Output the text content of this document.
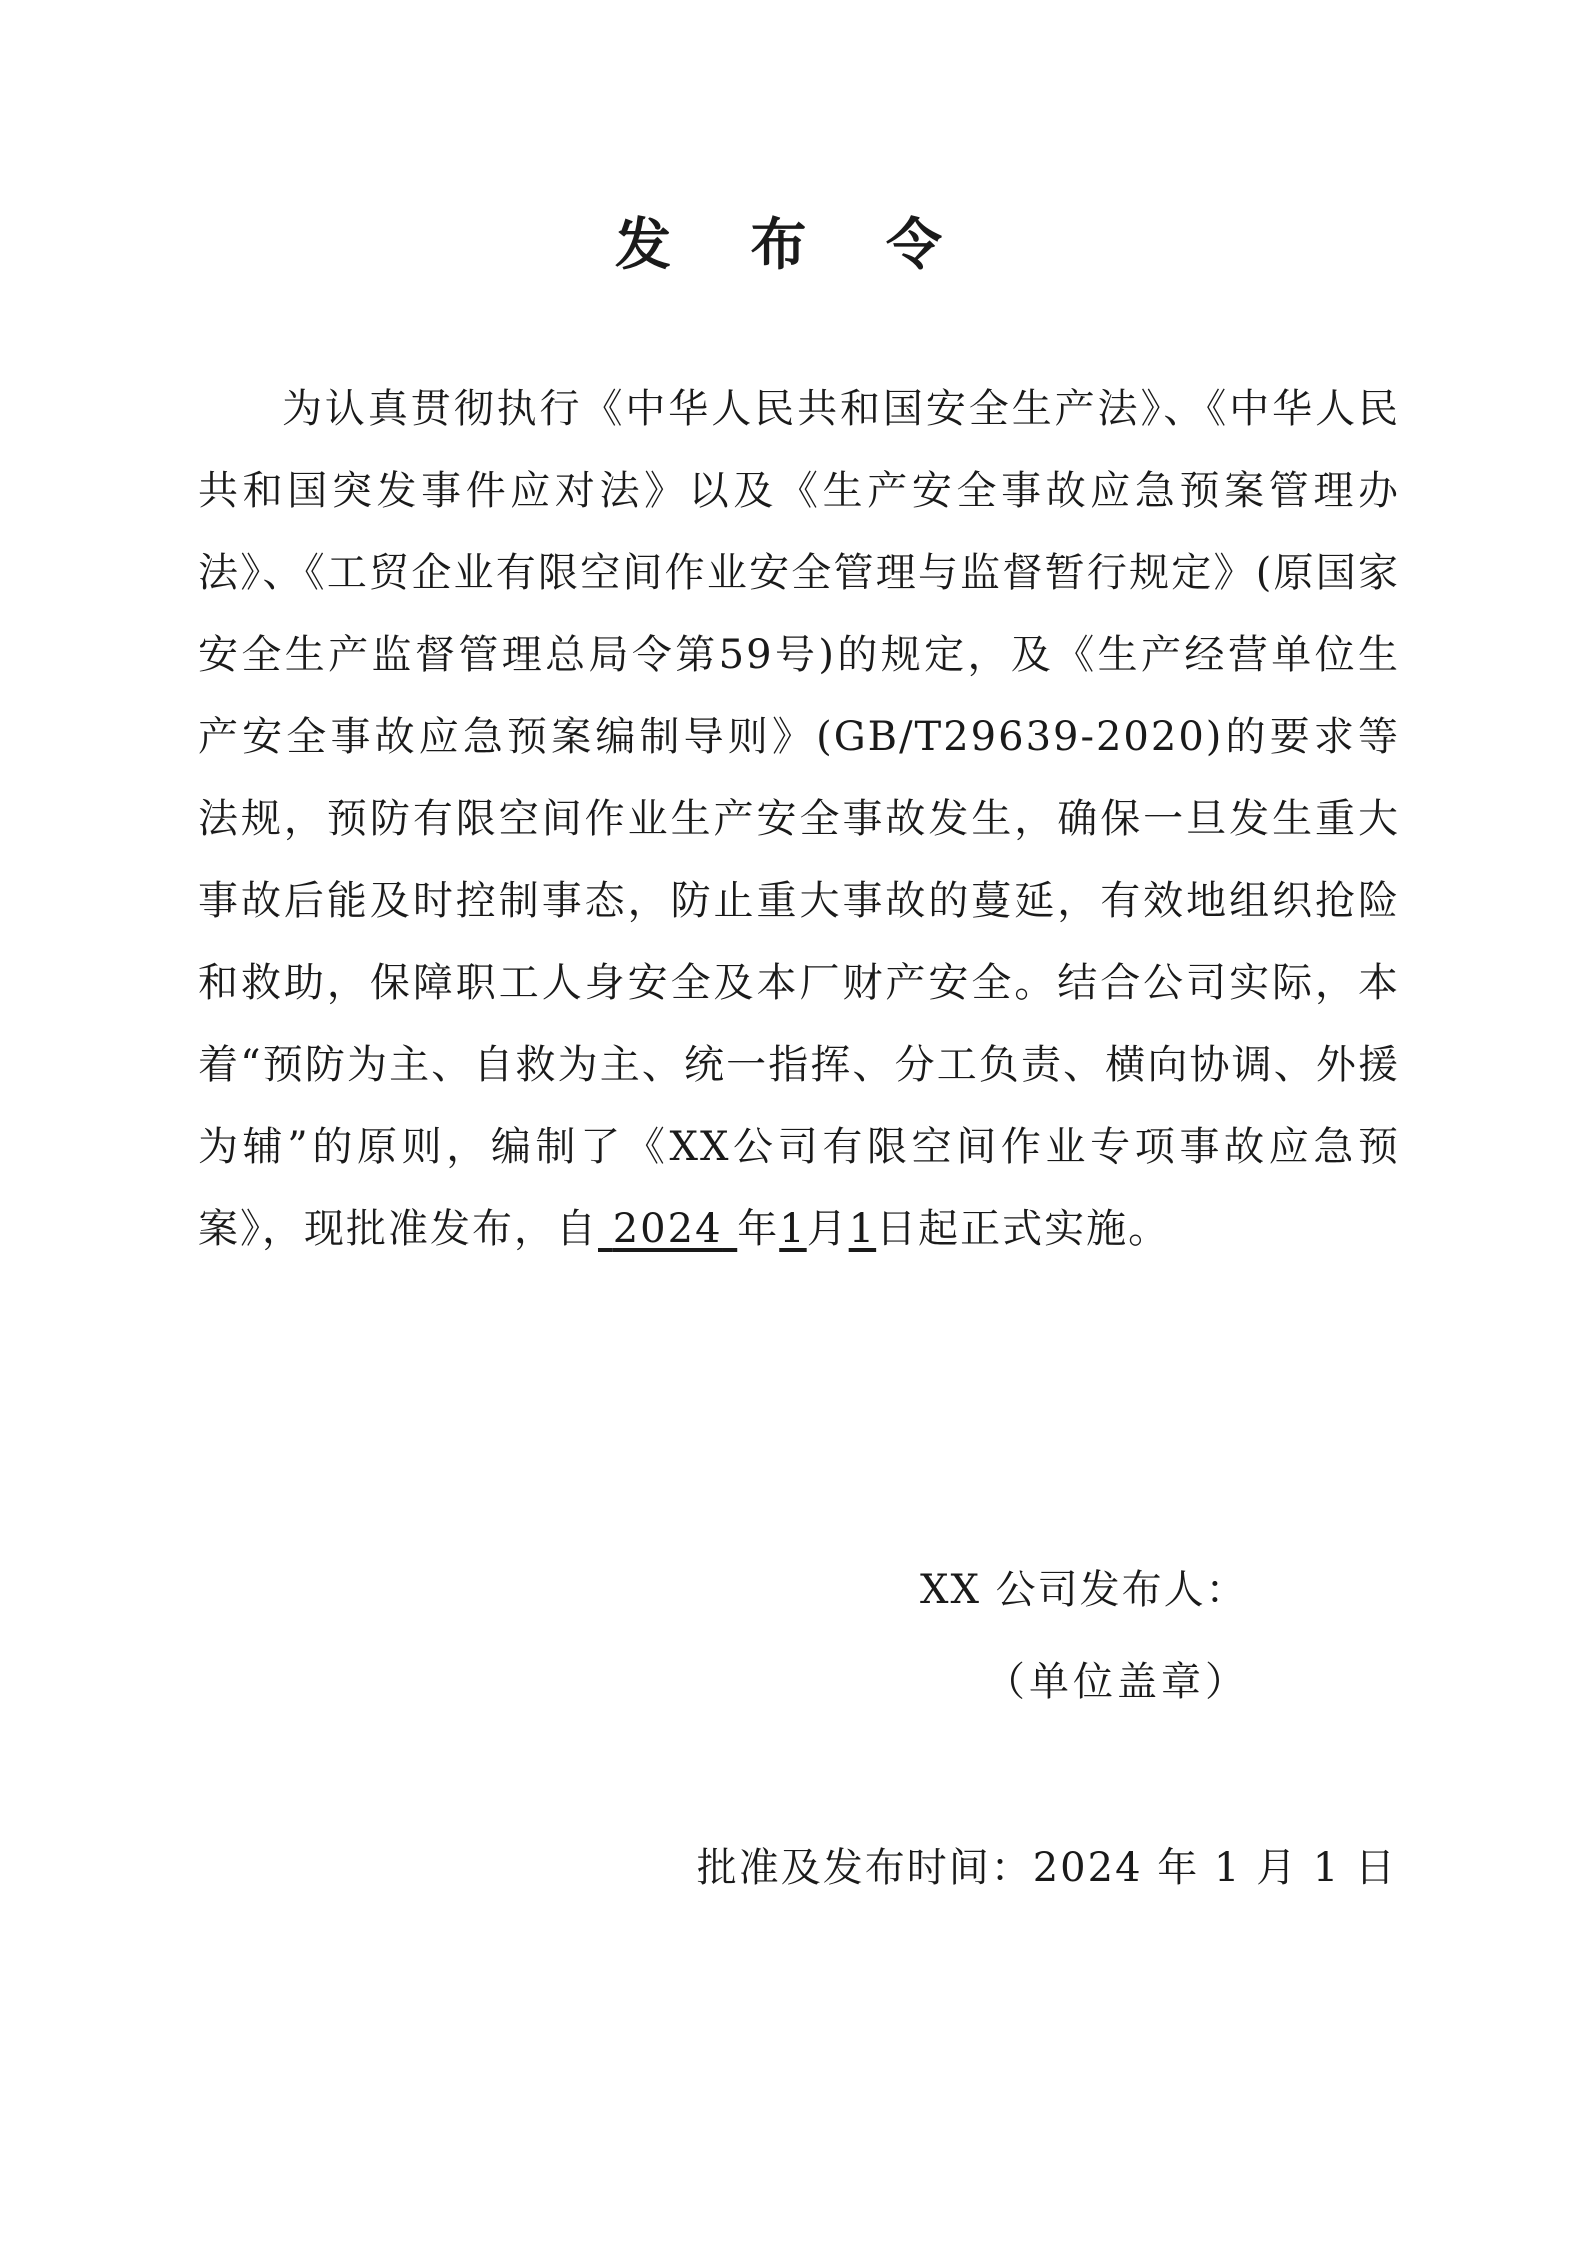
发 布 令

为认真贯彻执行《中华人民共和国安全生产法》、《中华人民共和国突发事件应对法》以及《生产安全事故应急预案管理办法》、《工贸企业有限空间作业安全管理与监督暂行规定》(原国家安全生产监督管理总局令第59号)的规定，及《生产经营单位生产安全事故应急预案编制导则》(GB/T29639-2020)的要求等法规，预防有限空间作业生产安全事故发生，确保一旦发生重大事故后能及时控制事态，防止重大事故的蔓延，有效地组织抢险和救助，保障职工人身安全及本厂财产安全。结合公司实际，本着“预防为主、自救为主、统一指挥、分工负责、横向协调、外援为辅”的原则，编制了《XX公司有限空间作业专项事故应急预案》，现批准发布，自 2024 年1月1日起正式实施。

XX 公司发布人：
（单位盖章）
批准及发布时间：2024 年 1 月 1 日
